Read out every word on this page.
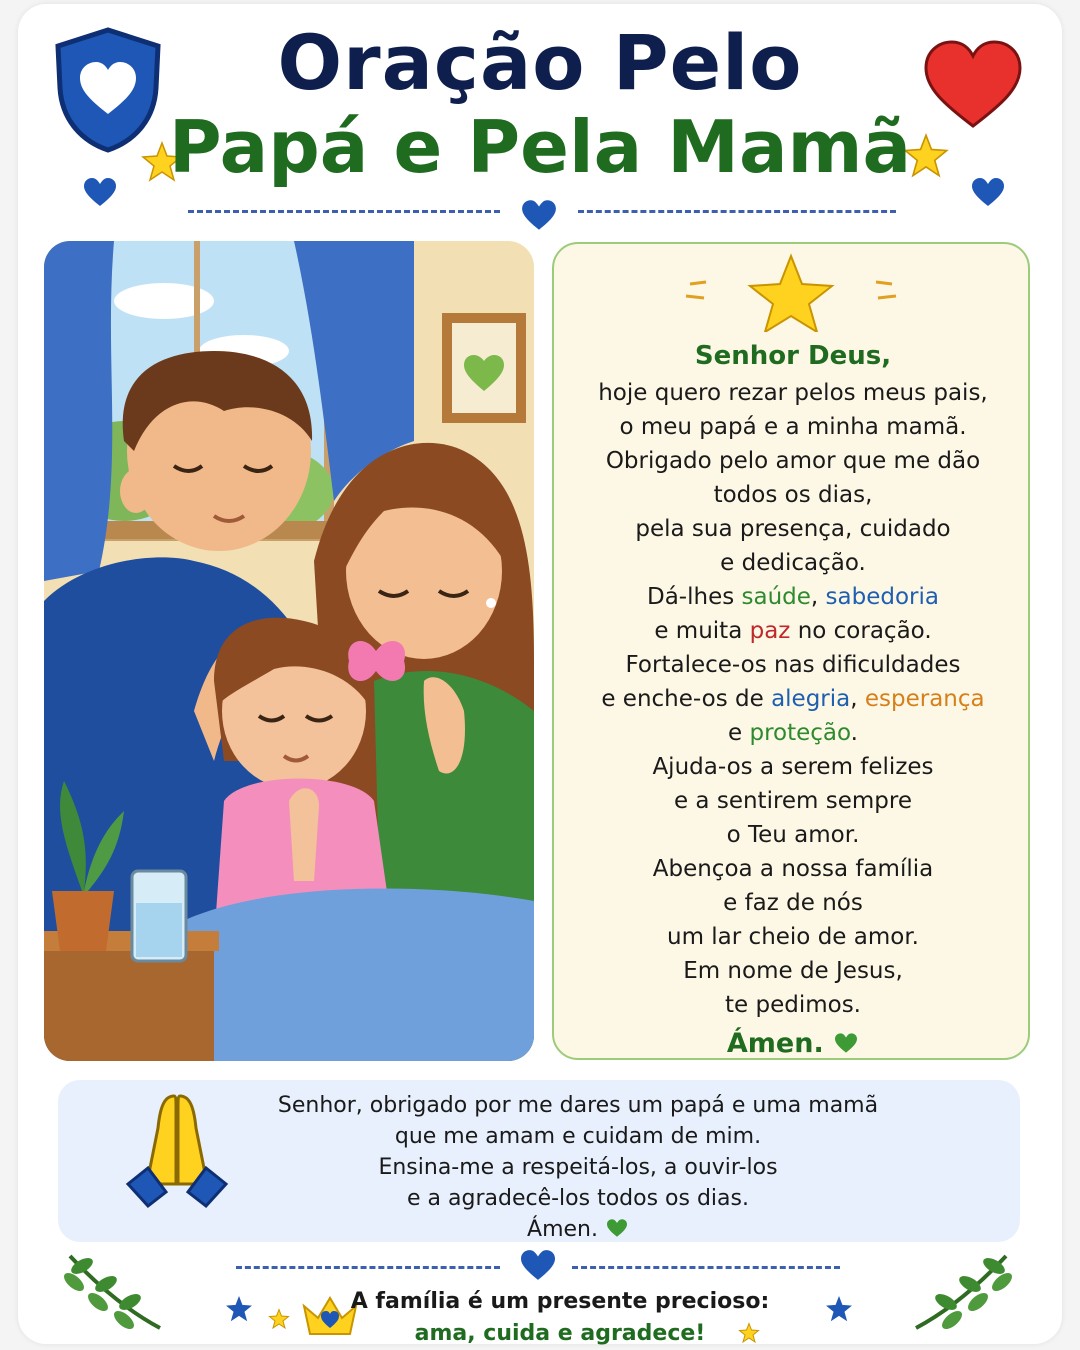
Oração Pelo
Papá e Pela Mamã
Senhor Deus,
hoje quero rezar pelos meus pais,
o meu papá e a minha mamã.
Obrigado pelo amor que me dão
todos os dias,
pela sua presença, cuidado
e dedicação.
Dá-lhes saúde, sabedoria
e muita paz no coração.
Fortalece-os nas dificuldades
e enche-os de alegria, esperança
e proteção.
Ajuda-os a serem felizes
e a sentirem sempre
o Teu amor.
Abençoa a nossa família
e faz de nós
um lar cheio de amor.
Em nome de Jesus,
te pedimos.
Ámen.
Senhor, obrigado por me dares um papá e uma mamã
que me amam e cuidam de mim.
Ensina-me a respeitá-los, a ouvir-los
e a agradecê-los todos os dias.
Ámen.
A família é um presente precioso:
ama, cuida e agradece!
